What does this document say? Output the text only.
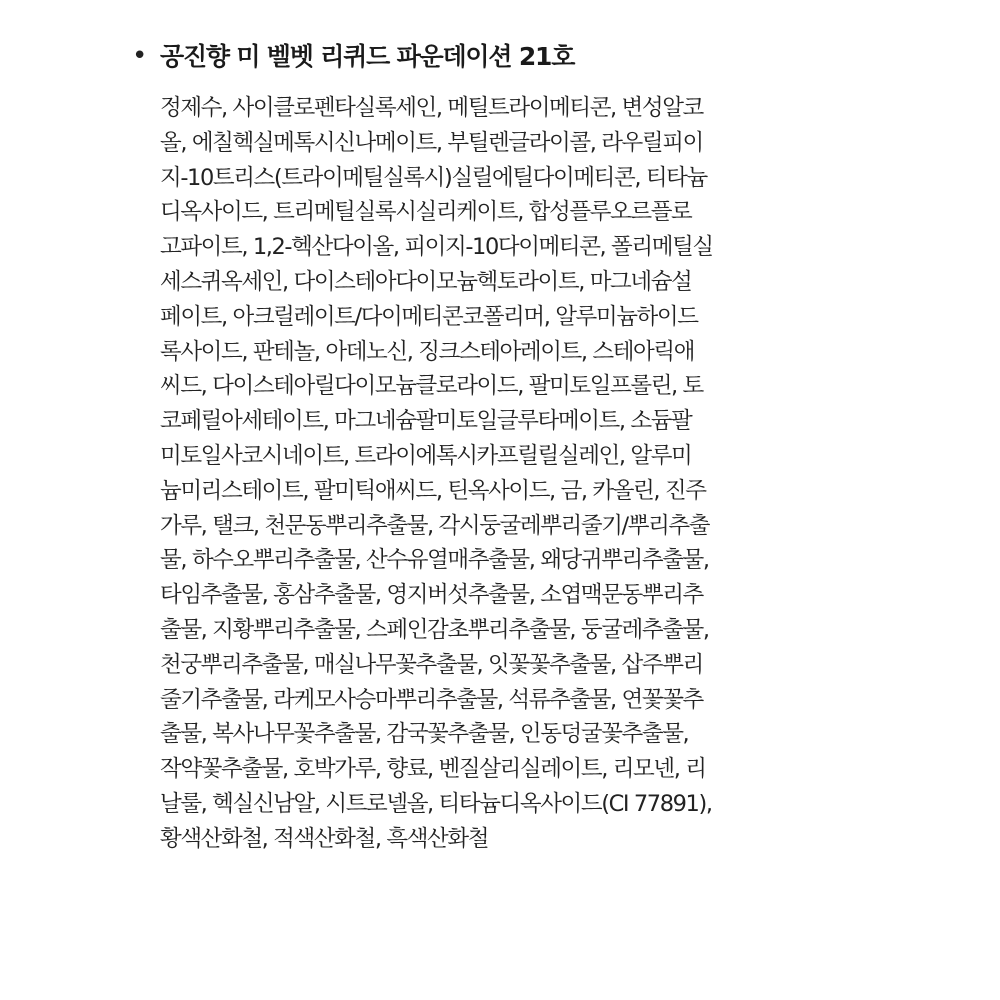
• 공진향 미 벨벳 리퀴드 파운데이션 21호
정제수, 사이클로펜타실록세인, 메틸트라이메티콘, 변성알코
올, 에칠헥실메톡시신나메이트, 부틸렌글라이콜, 라우릴피이
지-10트리스(트라이메틸실록시)실릴에틸다이메티콘, 티타늄
디옥사이드, 트리메틸실록시실리케이트, 합성플루오르플로
고파이트, 1,2-헥산다이올, 피이지-10다이메티콘, 폴리메틸실
세스퀴옥세인, 다이스테아다이모늄헥토라이트, 마그네슘설
페이트, 아크릴레이트/다이메티콘코폴리머, 알루미늄하이드
록사이드, 판테놀, 아데노신, 징크스테아레이트, 스테아릭애
씨드, 다이스테아릴다이모늄클로라이드, 팔미토일프롤린, 토
코페릴아세테이트, 마그네슘팔미토일글루타메이트, 소듐팔
미토일사코시네이트, 트라이에톡시카프릴릴실레인, 알루미
늄미리스테이트, 팔미틱애씨드, 틴옥사이드, 금, 카올린, 진주
가루, 탤크, 천문동뿌리추출물, 각시둥굴레뿌리줄기/뿌리추출
물, 하수오뿌리추출물, 산수유열매추출물, 왜당귀뿌리추출물,
타임추출물, 홍삼추출물, 영지버섯추출물, 소엽맥문동뿌리추
출물, 지황뿌리추출물, 스페인감초뿌리추출물, 둥굴레추출물,
천궁뿌리추출물, 매실나무꽃추출물, 잇꽃꽃추출물, 삽주뿌리
줄기추출물, 라케모사승마뿌리추출물, 석류추출물, 연꽃꽃추
출물, 복사나무꽃추출물, 감국꽃추출물, 인동덩굴꽃추출물,
작약꽃추출물, 호박가루, 향료, 벤질살리실레이트, 리모넨, 리
날룰, 헥실신남알, 시트로넬올, 티타늄디옥사이드(CI 77891),
황색산화철, 적색산화철, 흑색산화철
